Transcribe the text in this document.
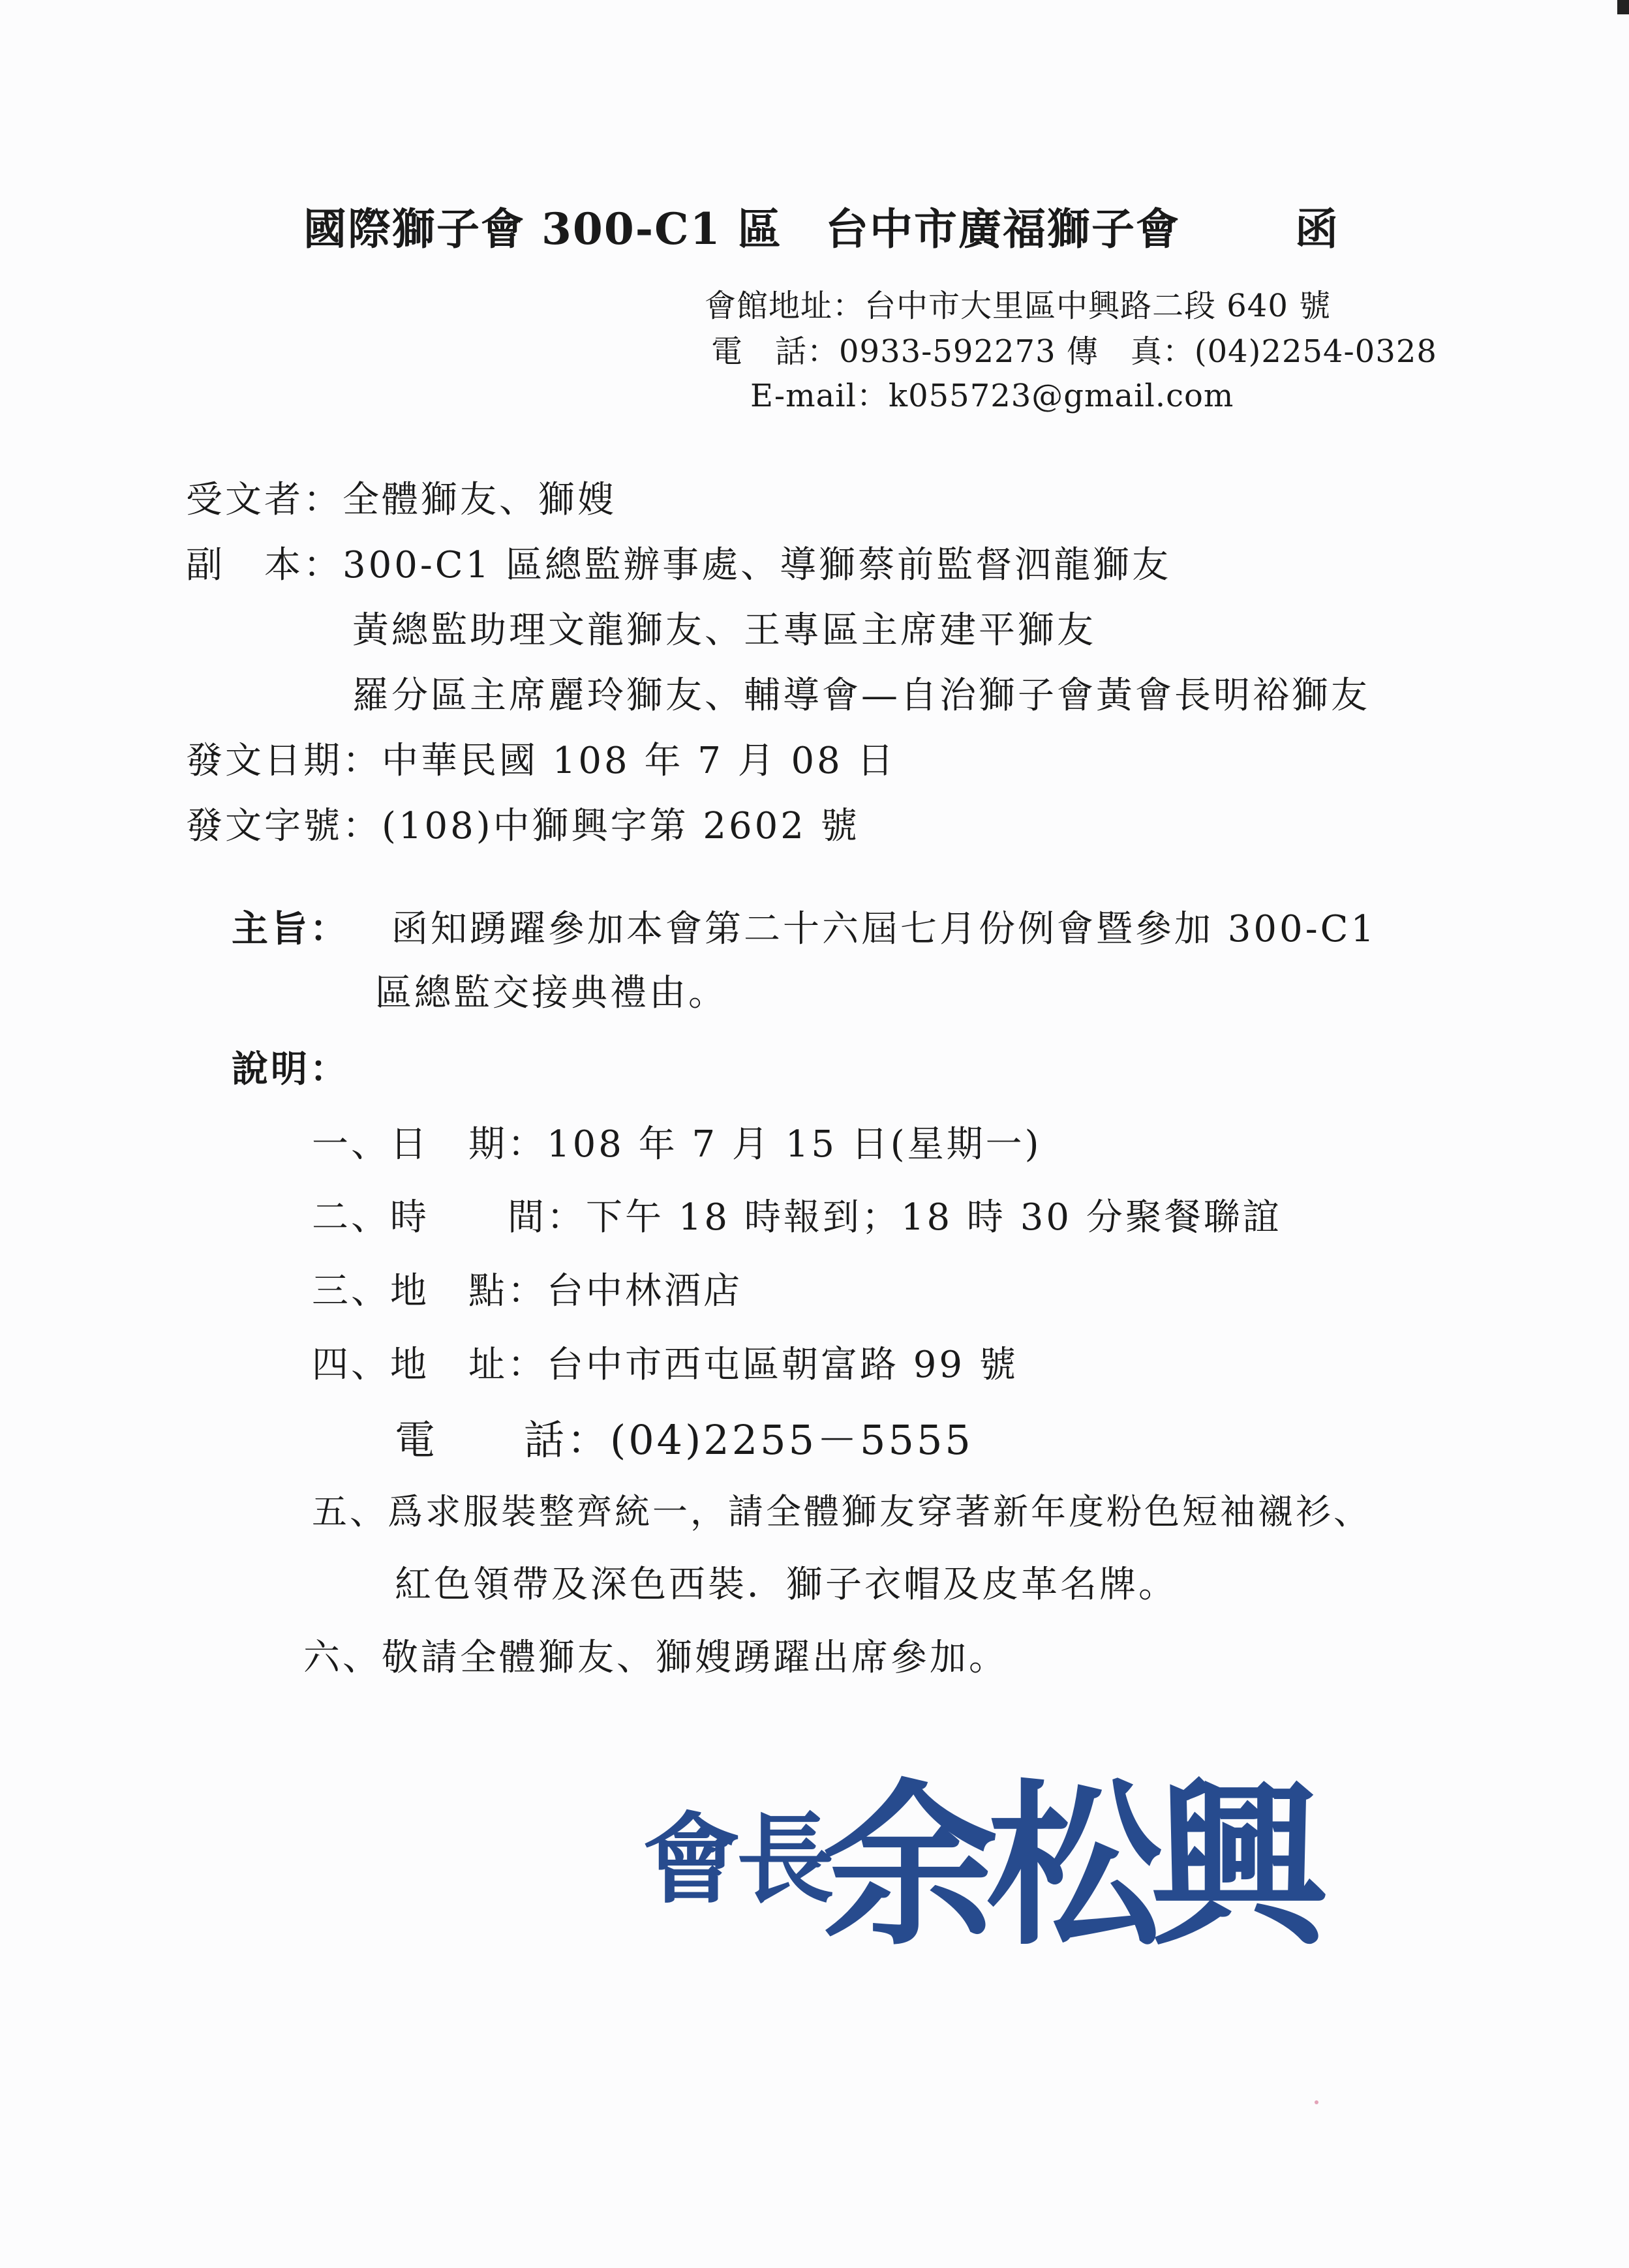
國際獅子會 300-C1 區 台中市廣福獅子會	函
會館地址：台中市大里區中興路二段 640 號
電　話：0933-592273 傳　真：(04)2254-0328
E-mail：k055723@gmail.com
受文者：全體獅友、獅嫂
副　本：300-C1 區總監辦事處、導獅蔡前監督泗龍獅友
黃總監助理文龍獅友、王專區主席建平獅友
羅分區主席麗玲獅友、輔導會—自治獅子會黃會長明裕獅友
發文日期：中華民國 108 年 7 月 08 日
發文字號：(108)中獅興字第 2602 號
主旨： 函知踴躍參加本會第二十六屆七月份例會暨參加 300-C1
區總監交接典禮由。
說明：
一、日　期：108 年 7 月 15 日(星期一)
二、時　　間：下午 18 時報到；18 時 30 分聚餐聯誼
三、地　點：台中林酒店
四、地　址：台中市西屯區朝富路 99 號
電　　話：(04)2255－5555
五、爲求服裝整齊統一，請全體獅友穿著新年度粉色短袖襯衫、
紅色領帶及深色西裝．獅子衣帽及皮革名牌。
六、敬請全體獅友、獅嫂踴躍出席參加。
會長
余松興
